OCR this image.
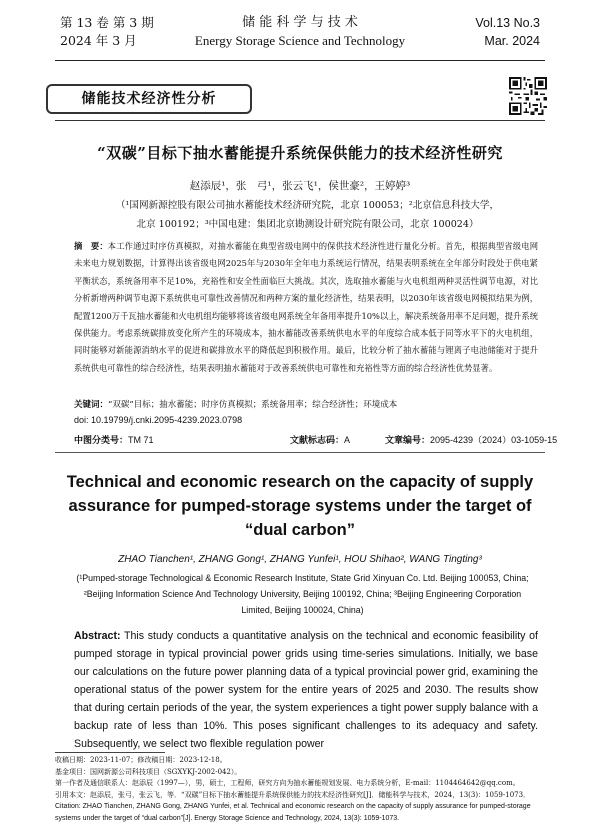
第 13 卷 第 3 期
2024 年 3 月
储 能 科 学 与 技 术
Energy Storage Science and Technology
Vol.13 No.3
Mar. 2024
储能技术经济性分析
“双碳”目标下抽水蓄能提升系统保供能力的技术经济性研究
赵添辰¹，张　弓¹，张云飞¹，侯世豪²，王婷婷³
（¹国网新源控股有限公司抽水蓄能技术经济研究院，北京 100053；²北京信息科技大学，
北京 100192；³中国电建：集团北京勘测设计研究院有限公司，北京 100024）
摘　要：本工作通过时序仿真模拟，对抽水蓄能在典型省级电网中的保供技术经济性进行量化分析。首先，根据典型省级电网未来电力规划数据，计算得出该省级电网2025年与2030年全年电力系统运行情况，结果表明系统在全年部分时段处于供电紧平衡状态，系统备用率不足10%，充裕性和安全性面临巨大挑战。其次，选取抽水蓄能与火电机组两种灵活性调节电源，对比分析新增两种调节电源下系统供电可靠性改善情况和两种方案的量化经济性，结果表明，以2030年该省级电网模拟结果为例，配置1200万千瓦抽水蓄能和火电机组均能够将该省级电网系统全年备用率提升10%以上，解决系统备用率不足问题，提升系统保供能力。考虑系统碳排放变化所产生的环境成本，抽水蓄能改善系统供电水平的年度综合成本低于同等水平下的火电机组，同时能够对新能源消纳水平的促进和碳排放水平的降低起到积极作用。最后，比较分析了抽水蓄能与锂离子电池储能对于提升系统供电可靠性的综合经济性，结果表明抽水蓄能对于改善系统供电可靠性和充裕性等方面的综合经济性优势显著。
关键词：“双碳”目标；抽水蓄能；时序仿真模拟；系统备用率；综合经济性；环境成本
doi: 10.19799/j.cnki.2095-4239.2023.0798
中图分类号：TM 71	文献标志码：A	文章编号：2095-4239（2024）03-1059-15
Technical and economic research on the capacity of supply assurance for pumped-storage systems under the target of “dual carbon”
ZHAO Tianchen¹, ZHANG Gong¹, ZHANG Yunfei¹, HOU Shihao², WANG Tingting³
(¹Pumped-storage Technological & Economic Research Institute, State Grid Xinyuan Co. Ltd. Beijing 100053, China;
²Beijing Information Science And Technology University, Beijing 100192, China; ³Beijing Engineering Corporation
Limited, Beijing 100024, China)
Abstract: This study conducts a quantitative analysis on the technical and economic feasibility of pumped storage in typical provincial power grids using time-series simulations. Initially, we base our calculations on the future power planning data of a typical provincial power grid, examining the operational status of the power system for the entire years of 2025 and 2030. The results show that during certain periods of the year, the system experiences a tight power supply balance with a backup rate of less than 10%. This poses significant challenges to its adequacy and safety. Subsequently, we select two flexible regulation power
收稿日期：2023-11-07；修改稿日期：2023-12-18。
基金项目：国网新源公司科技项目（SGXYKJ-2002-042）。
第一作者及通信联系人：赵添辰（1997—），男，硕士，工程师，研究方向为抽水蓄能规划发展、电力系统分析，E-mail：1104464642@qq.com。
引用本文：赵添辰，张弓，张云飞，等．“双碳”目标下抽水蓄能提升系统保供能力的技术经济性研究[J]．储能科学与技术，2024，13(3)：1059-1073．
Citation: ZHAO Tianchen, ZHANG Gong, ZHANG Yunfei, et al. Technical and economic research on the capacity of supply assurance for pumped-storage systems under the target of “dual carbon”[J]. Energy Storage Science and Technology, 2024, 13(3): 1059-1073.
